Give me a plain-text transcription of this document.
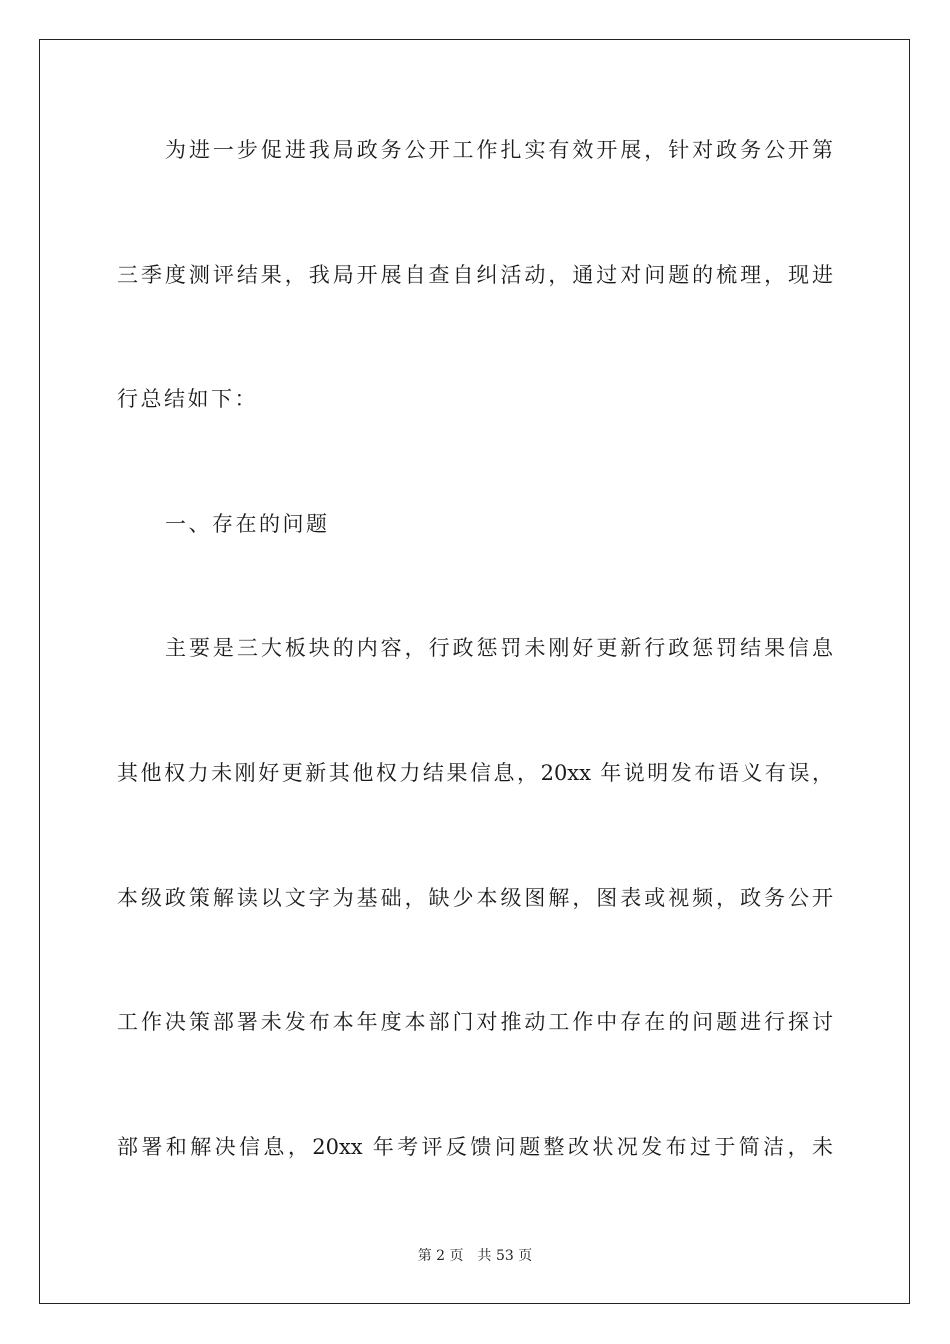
为进一步促进我局政务公开工作扎实有效开展，针对政务公开第
三季度测评结果，我局开展自查自纠活动，通过对问题的梳理，现进
行总结如下：
一、存在的问题
主要是三大板块的内容，行政惩罚未刚好更新行政惩罚结果信息
其他权力未刚好更新其他权力结果信息，20xx 年说明发布语义有误，
本级政策解读以文字为基础，缺少本级图解，图表或视频，政务公开
工作决策部署未发布本年度本部门对推动工作中存在的问题进行探讨
部署和解决信息，20xx 年考评反馈问题整改状况发布过于简洁，未
第 2 页 共 53 页
